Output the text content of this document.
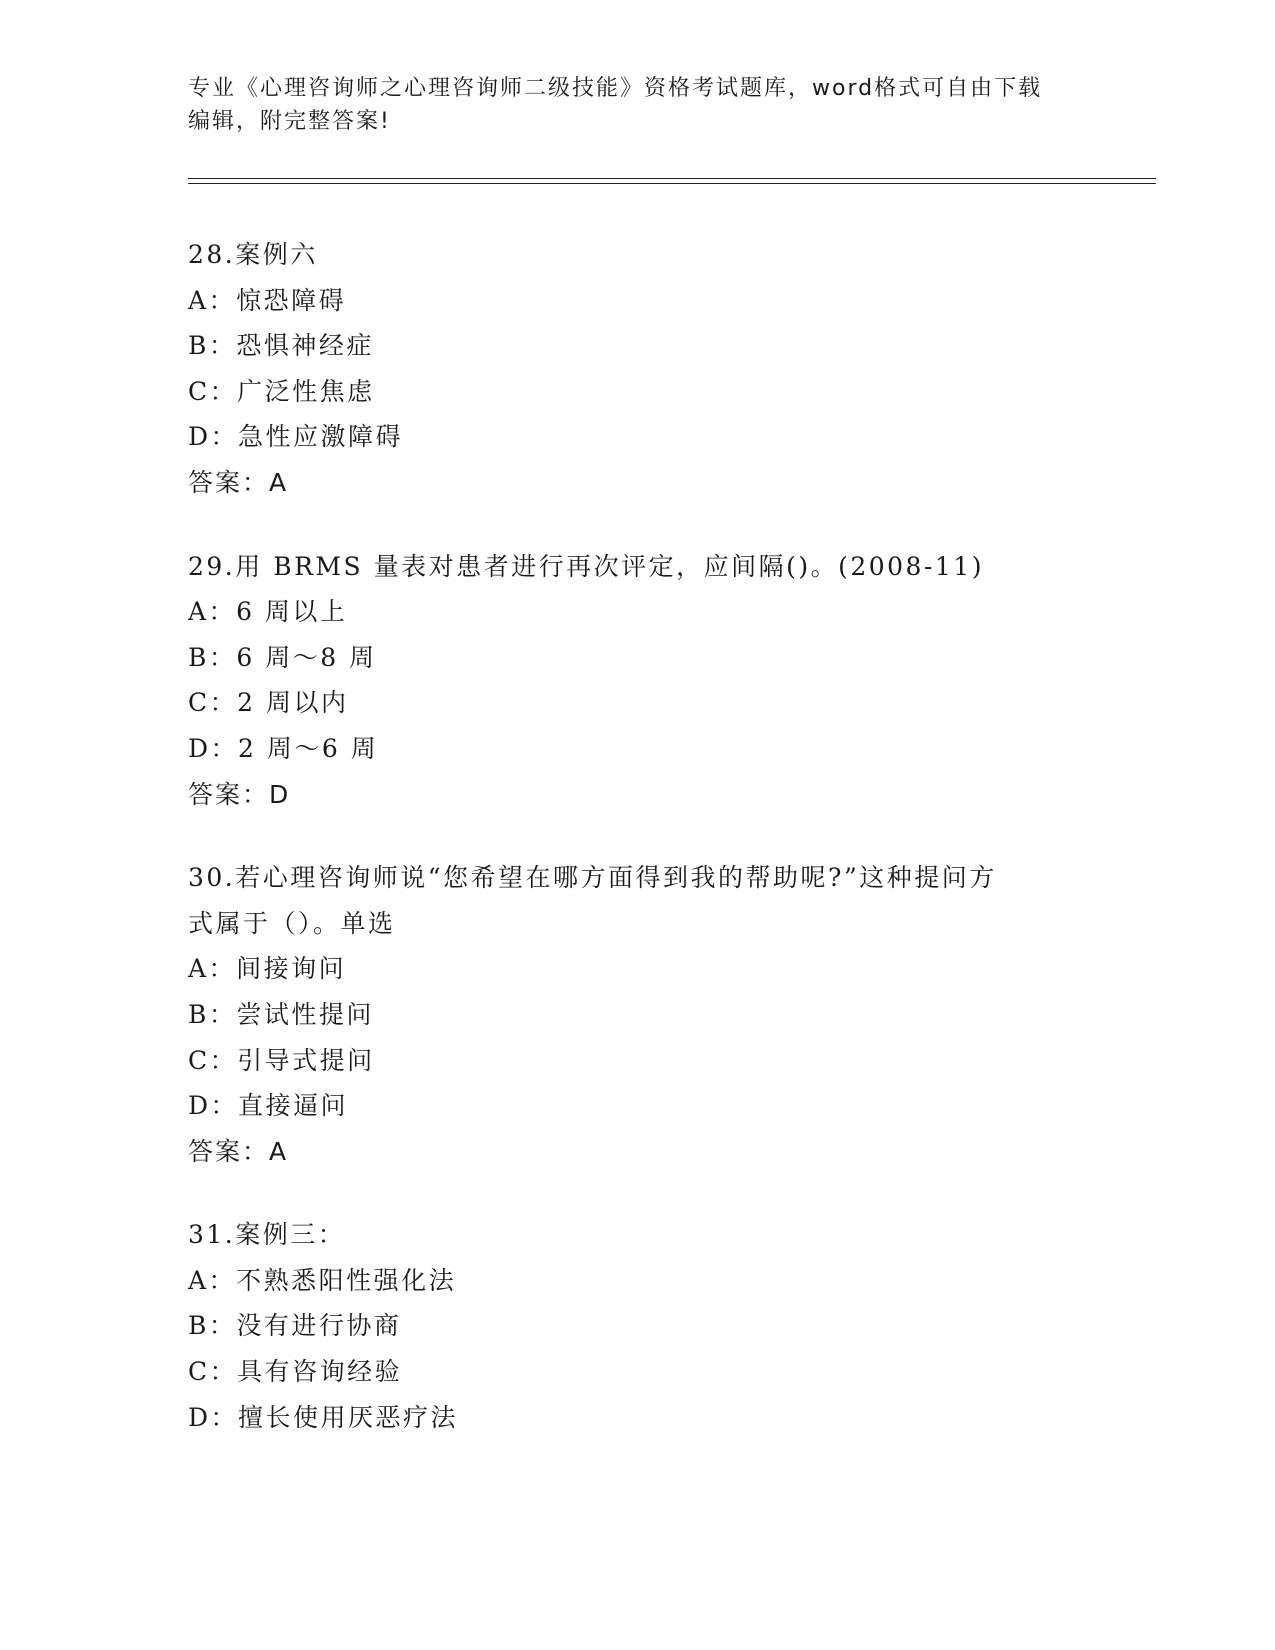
专业《心理咨询师之心理咨询师二级技能》资格考试题库，word格式可自由下载
编辑，附完整答案!
28.案例六
A：惊恐障碍
B：恐惧神经症
C：广泛性焦虑
D：急性应激障碍
答案：A
29.用 BRMS 量表对患者进行再次评定，应间隔()。(2008-11)
A：6 周以上
B：6 周～8 周
C：2 周以内
D：2 周～6 周
答案：D
30.若心理咨询师说“您希望在哪方面得到我的帮助呢?”这种提问方
式属于（）。单选
A：间接询问
B：尝试性提问
C：引导式提问
D：直接逼问
答案：A
31.案例三：
A：不熟悉阳性强化法
B：没有进行协商
C：具有咨询经验
D：擅长使用厌恶疗法
